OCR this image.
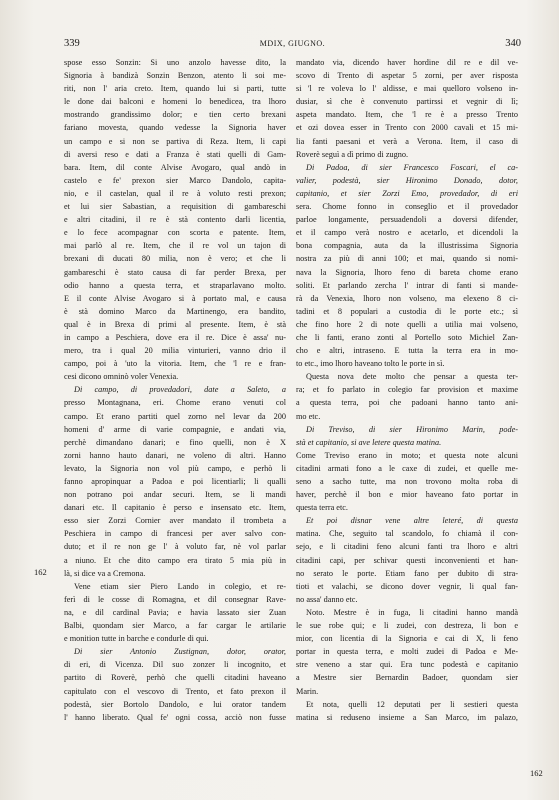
339	MDIX, GIUGNO.	340
162
162
spose esso Sonzin: Si uno anzolo havesse dito, la
Signoria à bandizà Sonzin Benzon, atento li soi me-
riti, non l' aria creto. Item, quando lui si parti, tutte
le done dai balconi e homeni lo benedicea, tra lhoro
mostrando grandissimo dolor; e tien certo brexani
fariano movesta, quando vedesse la Signoria haver
un campo e si non se partiva di Reza. Item, li capi
di aversi reso e dati a Franza è stati quelli di Gam-
bara. Item, dil conte Alvise Avogaro, qual andò in
castelo e fe' prexon sier Marco Dandolo, capita-
nio, e il castelan, qual il re à voluto resti prexon;
et lui sier Sabastian, a requisition di gambareschi
e altri citadini, il re è stà contento darli licentia,
e lo fece acompagnar con scorta e patente. Item,
mai parlò al re. Item, che il re vol un tajon di
brexani di ducati 80 milia, non è vero; et che li
gambareschi è stato causa di far perder Brexa, per
odio hanno a questa terra, et straparlavano molto.
E il conte Alvise Avogaro si à portato mal, e causa
è stà domino Marco da Martinengo, era bandito,
qual è in Brexa di primi al presente. Item, è stà
in campo a Peschiera, dove era il re. Dice è assa' nu-
mero, tra i qual 20 milia vinturieri, vanno drio il
campo, poi à 'uto la vitoria. Item, che 'l re e fran-
cesi dicono omninò voler Venexia.
Di campo, di provedadori, date a Saleto, a
presso Montagnana, eri. Chome erano venuti col
campo. Et erano partiti quel zorno nel levar da 200
homeni d' arme di varie compagnie, e andati via,
perchè dimandano danari; e fino quelli, non è X
zorni hanno hauto danari, ne voleno di altri. Hanno
levato, la Signoria non vol più campo, e perhò li
fanno apropinquar a Padoa e poi licentiarli; li qualli
non potrano poi andar securi. Item, se li mandi
danari etc. Il capitanio è perso e insensato etc. Item,
esso sier Zorzi Cornier aver mandato il trombeta a
Peschiera in campo di francesi per aver salvo con-
duto; et il re non ge l' à voluto far, nè vol parlar
a niuno. Et che dito campo era tirato 5 mia più in
là, si dice va a Cremona.
Vene etiam sier Piero Lando in colegio, et re-
ferì di le cosse di Romagna, et dil consegnar Rave-
na, e dil cardinal Pavia; e havia lassato sier Zuan
Balbi, quondam sier Marco, a far cargar le artilarie
e monition tutte in barche e condurle di qui.
Di sier Antonio Zustignan, dotor, orator,
di eri, di Vicenza. Dil suo zonzer li incognito, et
partito di Roverè, perhò che quelli citadini haveano
capitulato con el vescovo di Trento, et fato prexon il
podestà, sier Bortolo Dandolo, e lui orator tandem
l' hanno liberato. Qual fe' ogni cossa, acciò non fusse
mandato via, dicendo haver hordine dil re e dil ve-
scovo di Trento di aspetar 5 zorni, per aver risposta
si 'l re voleva lo l' aldisse, e mai quelloro volseno in-
dusiar, sì che è convenuto partirssi et vegnir di lì;
aspeta mandato. Item, che 'l re è a presso Trento
et ozi dovea esser in Trento con 2000 cavali et 15 mi-
lia fanti paesani et verà a Verona. Item, il caso di
Roverè seguì a dì primo di zugno.
Di Padoa, di sier Francesco Foscari, el ca-
valier, podestà, sier Hironimo Donado, dotor,
capitanio, et sier Zorzi Emo, provedador, di eri
sera. Chome fonno in conseglio et il provedador
parloe longamente, persuadendoli a doversi difender,
et il campo verà nostro e acetarlo, et dicendoli la
bona compagnia, auta da la illustrissima Signoria
nostra za più di anni 100; et mai, quando si nomi-
nava la Signoria, lhoro feno di bareta chome erano
soliti. Et parlando zercha l' intrar di fanti si mande-
rà da Venexia, lhoro non volseno, ma elexeno 8 ci-
tadini et 8 populari a custodia di le porte etc.; sì
che fino hore 2 di note quelli a utilia mai volseno,
che li fanti, erano zonti al Portello soto Michiel Zan-
cho e altri, intraseno. E tutta la terra era in mo-
to etc., imo lhoro haveano tolto le porte in sì.
Questa nova dete molto che pensar a questa ter-
ra; et fo parlato in colegio far provision et maxime
a questa terra, poi che padoani hanno tanto ani-
mo etc.
Di Treviso, di sier Hironimo Marin, pode-
stà et capitanio, si ave letere questa matina.
Come Treviso erano in moto; et questa note alcuni
citadini armati fono a le caxe di zudei, et quelle me-
seno a sacho tutte, ma non trovono molta roba di
haver, perchè il bon e mior haveano fato portar in
questa terra etc.
Et poi disnar vene altre leteré, di questa
matina. Che, seguito tal scandolo, fo chiamà il con-
sejo, e li citadini feno alcuni fanti tra lhoro e altri
citadini capi, per schivar questi inconvenienti et han-
no serato le porte. Etiam fano per dubito di stra-
tioti et valachi, se dicono dover vegnir, li qual fan-
no assa' danno etc.
Noto. Mestre è in fuga, li citadini hanno mandà
le sue robe qui; e li zudei, con destreza, li bon e
mior, con licentia di la Signoria e cai di X, li feno
portar in questa terra, e molti zudei di Padoa e Me-
stre veneno a star qui. Era tunc podestà e capitanio
a Mestre sier Bernardin Badoer, quondam sier
Marin.
Et nota, quelli 12 deputati per li sestieri questa
matina si reduseno insieme a San Marco, im palazo,
